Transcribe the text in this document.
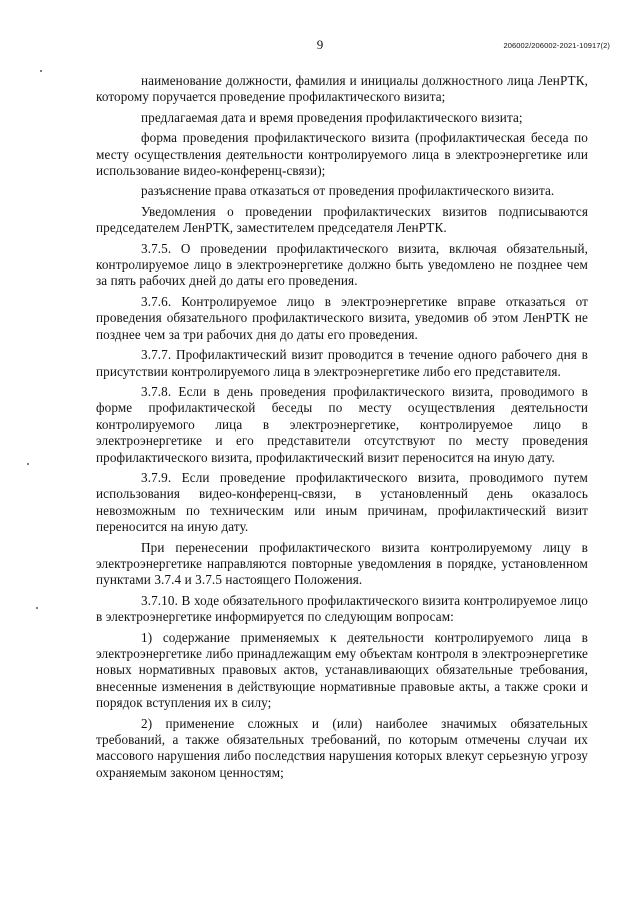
9	206002/206002-2021-10917(2)

наименование должности, фамилия и инициалы должностного лица ЛенРТК, которому поручается проведение профилактического визита;

предлагаемая дата и время проведения профилактического визита;

форма проведения профилактического визита (профилактическая беседа по месту осуществления деятельности контролируемого лица в электроэнергетике или использование видео-конференц-связи);

разъяснение права отказаться от проведения профилактического визита.

Уведомления о проведении профилактических визитов подписываются председателем ЛенРТК, заместителем председателя ЛенРТК.

3.7.5. О проведении профилактического визита, включая обязательный, контролируемое лицо в электроэнергетике должно быть уведомлено не позднее чем за пять рабочих дней до даты его проведения.

3.7.6. Контролируемое лицо в электроэнергетике вправе отказаться от проведения обязательного профилактического визита, уведомив об этом ЛенРТК не позднее чем за три рабочих дня до даты его проведения.

3.7.7. Профилактический визит проводится в течение одного рабочего дня в присутствии контролируемого лица в электроэнергетике либо его представителя.

3.7.8. Если в день проведения профилактического визита, проводимого в форме профилактической беседы по месту осуществления деятельности контролируемого лица в электроэнергетике, контролируемое лицо в электроэнергетике и его представители отсутствуют по месту проведения профилактического визита, профилактический визит переносится на иную дату.

3.7.9. Если проведение профилактического визита, проводимого путем использования видео-конференц-связи, в установленный день оказалось невозможным по техническим или иным причинам, профилактический визит переносится на иную дату.

При перенесении профилактического визита контролируемому лицу в электроэнергетике направляются повторные уведомления в порядке, установленном пунктами 3.7.4 и 3.7.5 настоящего Положения.

3.7.10. В ходе обязательного профилактического визита контролируемое лицо в электроэнергетике информируется по следующим вопросам:

1) содержание применяемых к деятельности контролируемого лица в электроэнергетике либо принадлежащим ему объектам контроля в электроэнергетике новых нормативных правовых актов, устанавливающих обязательные требования, внесенные изменения в действующие нормативные правовые акты, а также сроки и порядок вступления их в силу;

2) применение сложных и (или) наиболее значимых обязательных требований, а также обязательных требований, по которым отмечены случаи их массового нарушения либо последствия нарушения которых влекут серьезную угрозу охраняемым законом ценностям;
